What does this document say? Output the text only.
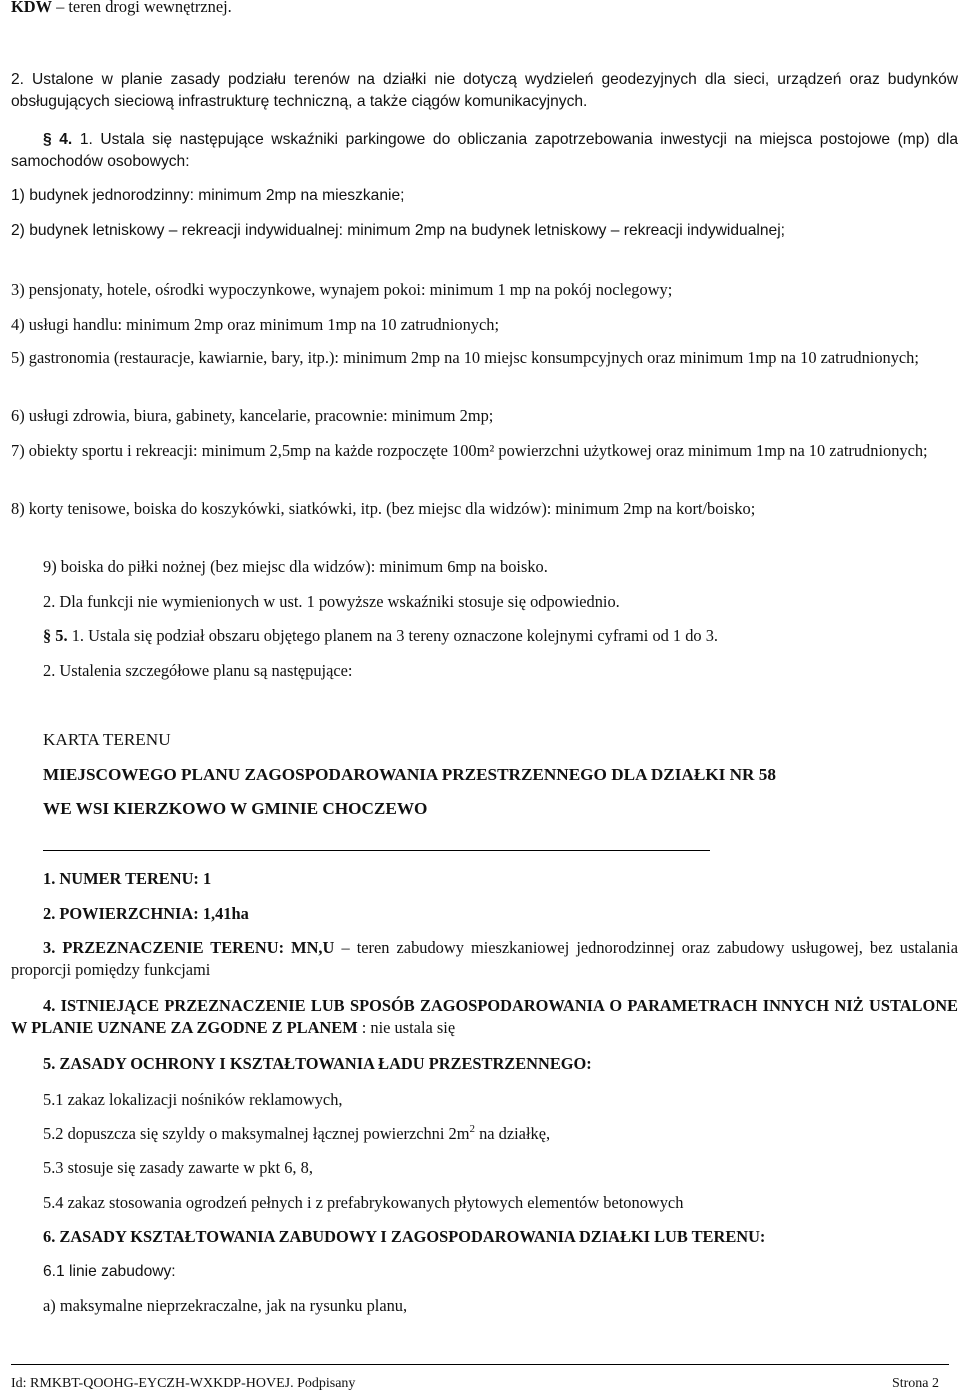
KDW – teren drogi wewnętrznej.

2. Ustalone w planie zasady podziału terenów na działki nie dotyczą wydzieleń geodezyjnych dla sieci, urządzeń oraz budynków obsługujących sieciową infrastrukturę techniczną, a także ciągów komunikacyjnych.

§ 4. 1. Ustala się następujące wskaźniki parkingowe do obliczania zapotrzebowania inwestycji na miejsca postojowe (mp) dla samochodów osobowych:

1) budynek jednorodzinny: minimum 2mp na mieszkanie;

2) budynek letniskowy – rekreacji indywidualnej: minimum 2mp na budynek letniskowy – rekreacji indywidualnej;

3) pensjonaty, hotele, ośrodki wypoczynkowe, wynajem pokoi: minimum 1 mp na pokój noclegowy;

4) usługi handlu: minimum 2mp oraz minimum 1mp na 10 zatrudnionych;

5) gastronomia (restauracje, kawiarnie, bary, itp.): minimum 2mp na 10 miejsc konsumpcyjnych oraz minimum 1mp na 10 zatrudnionych;

6) usługi zdrowia, biura, gabinety, kancelarie, pracownie: minimum 2mp;

7) obiekty sportu i rekreacji: minimum 2,5mp na każde rozpoczęte 100m² powierzchni użytkowej oraz minimum 1mp na 10 zatrudnionych;

8) korty tenisowe, boiska do koszykówki, siatkówki, itp. (bez miejsc dla widzów): minimum 2mp na kort/boisko;

9) boiska do piłki nożnej (bez miejsc dla widzów): minimum 6mp na boisko.

2. Dla funkcji nie wymienionych w ust. 1 powyższe wskaźniki stosuje się odpowiednio.

§ 5. 1. Ustala się podział obszaru objętego planem na 3 tereny oznaczone kolejnymi cyframi od 1 do 3.

2. Ustalenia szczegółowe planu są następujące:

KARTA TERENU

MIEJSCOWEGO PLANU ZAGOSPODAROWANIA PRZESTRZENNEGO DLA DZIAŁKI NR 58

WE WSI KIERZKOWO W GMINIE CHOCZEWO

1. NUMER TERENU: 1

2. POWIERZCHNIA: 1,41ha

3. PRZEZNACZENIE TERENU: MN,U – teren zabudowy mieszkaniowej jednorodzinnej oraz zabudowy usługowej, bez ustalania proporcji pomiędzy funkcjami

4. ISTNIEJĄCE PRZEZNACZENIE LUB SPOSÓB ZAGOSPODAROWANIA O PARAMETRACH INNYCH NIŻ USTALONE W PLANIE UZNANE ZA ZGODNE Z PLANEM : nie ustala się

5. ZASADY OCHRONY I KSZTAŁTOWANIA ŁADU PRZESTRZENNEGO:

5.1 zakaz lokalizacji nośników reklamowych,

5.2 dopuszcza się szyldy o maksymalnej łącznej powierzchni $2m^2$ na działkę,

5.3 stosuje się zasady zawarte w pkt 6, 8,

5.4 zakaz stosowania ogrodzeń pełnych i z prefabrykowanych płytowych elementów betonowych

6. ZASADY KSZTAŁTOWANIA ZABUDOWY I ZAGOSPODAROWANIA DZIAŁKI LUB TERENU:

6.1 linie zabudowy:

a) maksymalne nieprzekraczalne, jak na rysunku planu,

Id: RMKBT-QOOHG-EYCZH-WXKDP-HOVEJ. Podpisany	Strona 2
